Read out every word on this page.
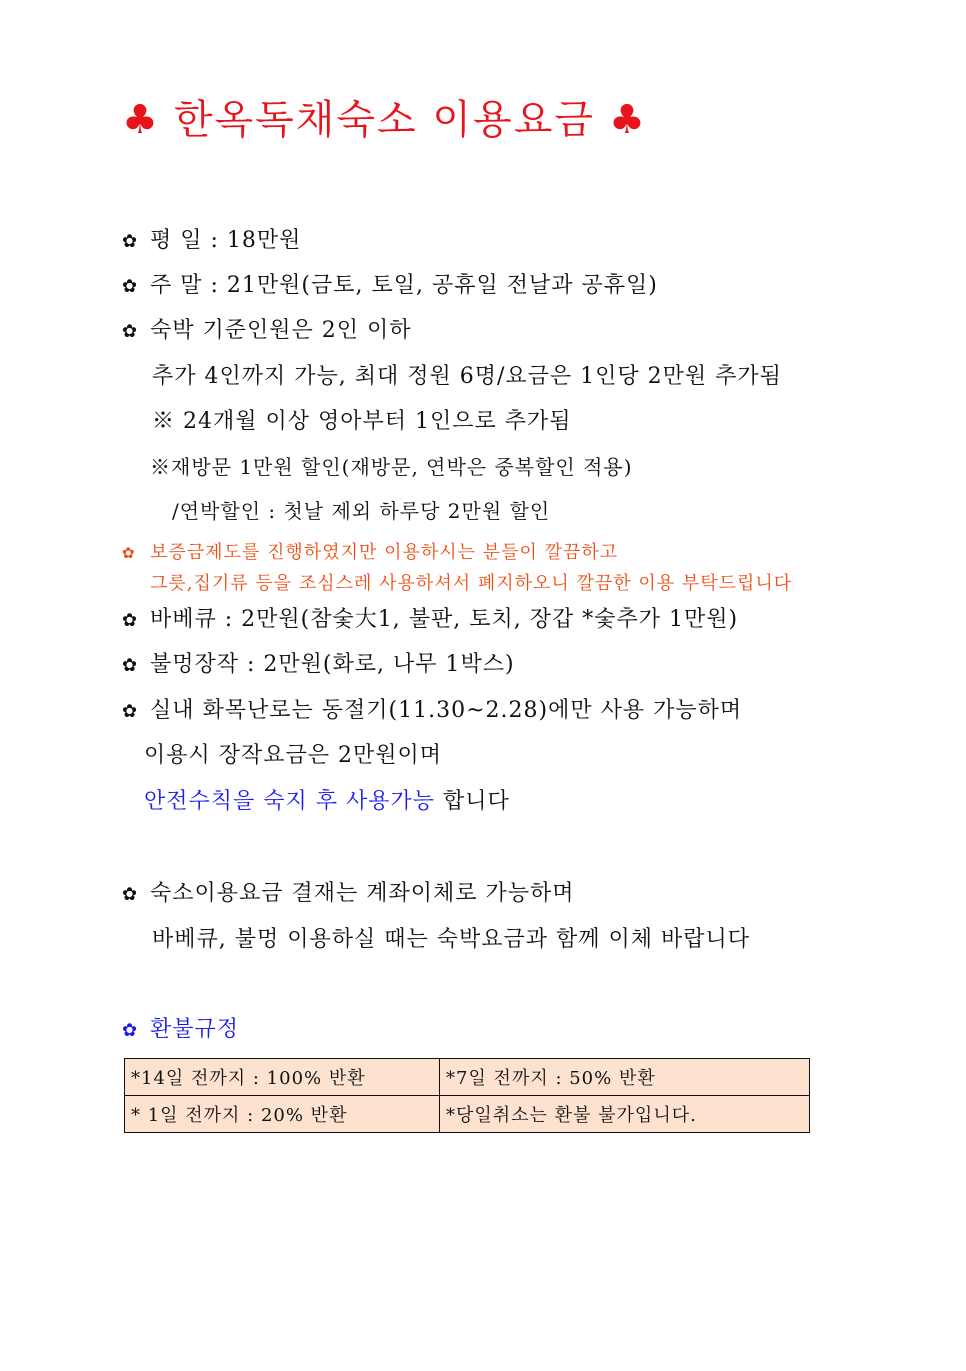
♣ 한옥독채숙소 이용요금 ♣
✿ 평 일 : 18만원
✿ 주 말 : 21만원(금토, 토일, 공휴일 전날과 공휴일)
✿ 숙박 기준인원은 2인 이하
추가 4인까지 가능, 최대 정원 6명/요금은 1인당 2만원 추가됨
※ 24개월 이상 영아부터 1인으로 추가됨
※재방문 1만원 할인(재방문, 연박은 중복할인 적용)
/연박할인 : 첫날 제외 하루당 2만원 할인
✿ 보증금제도를 진행하였지만 이용하시는 분들이 깔끔하고
그릇,집기류 등을 조심스레 사용하셔서 폐지하오니 깔끔한 이용 부탁드립니다
✿ 바베큐 : 2만원(참숯大1, 불판, 토치, 장갑 *숯추가 1만원)
✿ 불멍장작 : 2만원(화로, 나무 1박스)
✿ 실내 화목난로는 동절기(11.30~2.28)에만 사용 가능하며
이용시 장작요금은 2만원이며
안전수칙을 숙지 후 사용가능 합니다
✿ 숙소이용요금 결재는 계좌이체로 가능하며
바베큐, 불멍 이용하실 때는 숙박요금과 함께 이체 바랍니다
✿ 환불규정
*14일 전까지 : 100% 반환	*7일 전까지 : 50% 반환
* 1일 전까지 : 20% 반환	*당일취소는 환불 불가입니다.
